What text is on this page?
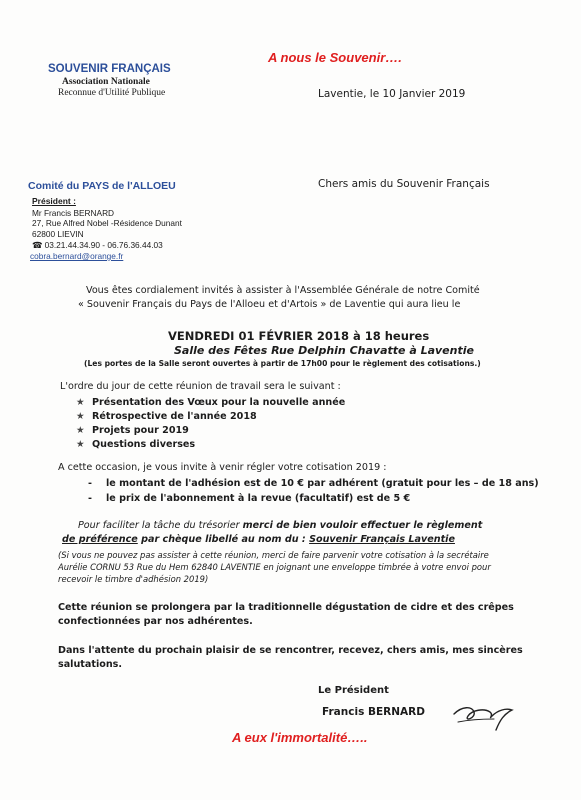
SOUVENIR FRANÇAIS
Association Nationale
Reconnue d'Utilité Publique
A nous le Souvenir….
Laventie, le 10 Janvier 2019
Comité du PAYS de l'ALLOEU
Président :
Mr Francis BERNARD
27, Rue Alfred Nobel -Résidence Dunant
62800 LIEVIN
☎ 03.21.44.34.90 - 06.76.36.44.03
cobra.bernard@orange.fr
Chers amis du Souvenir Français
Vous êtes cordialement invités à assister à l'Assemblée Générale de notre Comité
« Souvenir Français du Pays de l'Alloeu et d'Artois » de Laventie qui aura lieu le
VENDREDI 01 FÉVRIER 2018 à 18 heures
Salle des Fêtes Rue Delphin Chavatte à Laventie
(Les portes de la Salle seront ouvertes à partir de 17h00 pour le règlement des cotisations.)
L'ordre du jour de cette réunion de travail sera le suivant :
★ Présentation des Vœux pour la nouvelle année
★ Rétrospective de l'année 2018
★ Projets pour 2019
★ Questions diverses
A cette occasion, je vous invite à venir régler votre cotisation 2019 :
- le montant de l'adhésion est de 10 € par adhérent (gratuit pour les – de 18 ans)
- le prix de l'abonnement à la revue (facultatif) est de 5 €
Pour faciliter la tâche du trésorier merci de bien vouloir effectuer le règlement
de préférence par chèque libellé au nom du : Souvenir Français Laventie
(Si vous ne pouvez pas assister à cette réunion, merci de faire parvenir votre cotisation à la secrétaire
Aurélie CORNU 53 Rue du Hem 62840 LAVENTIE en joignant une enveloppe timbrée à votre envoi pour
recevoir le timbre d'adhésion 2019)
Cette réunion se prolongera par la traditionnelle dégustation de cidre et des crêpes
confectionnées par nos adhérentes.
Dans l'attente du prochain plaisir de se rencontrer, recevez, chers amis, mes sincères
salutations.
Le Président
Francis BERNARD
A eux l'immortalité…..
